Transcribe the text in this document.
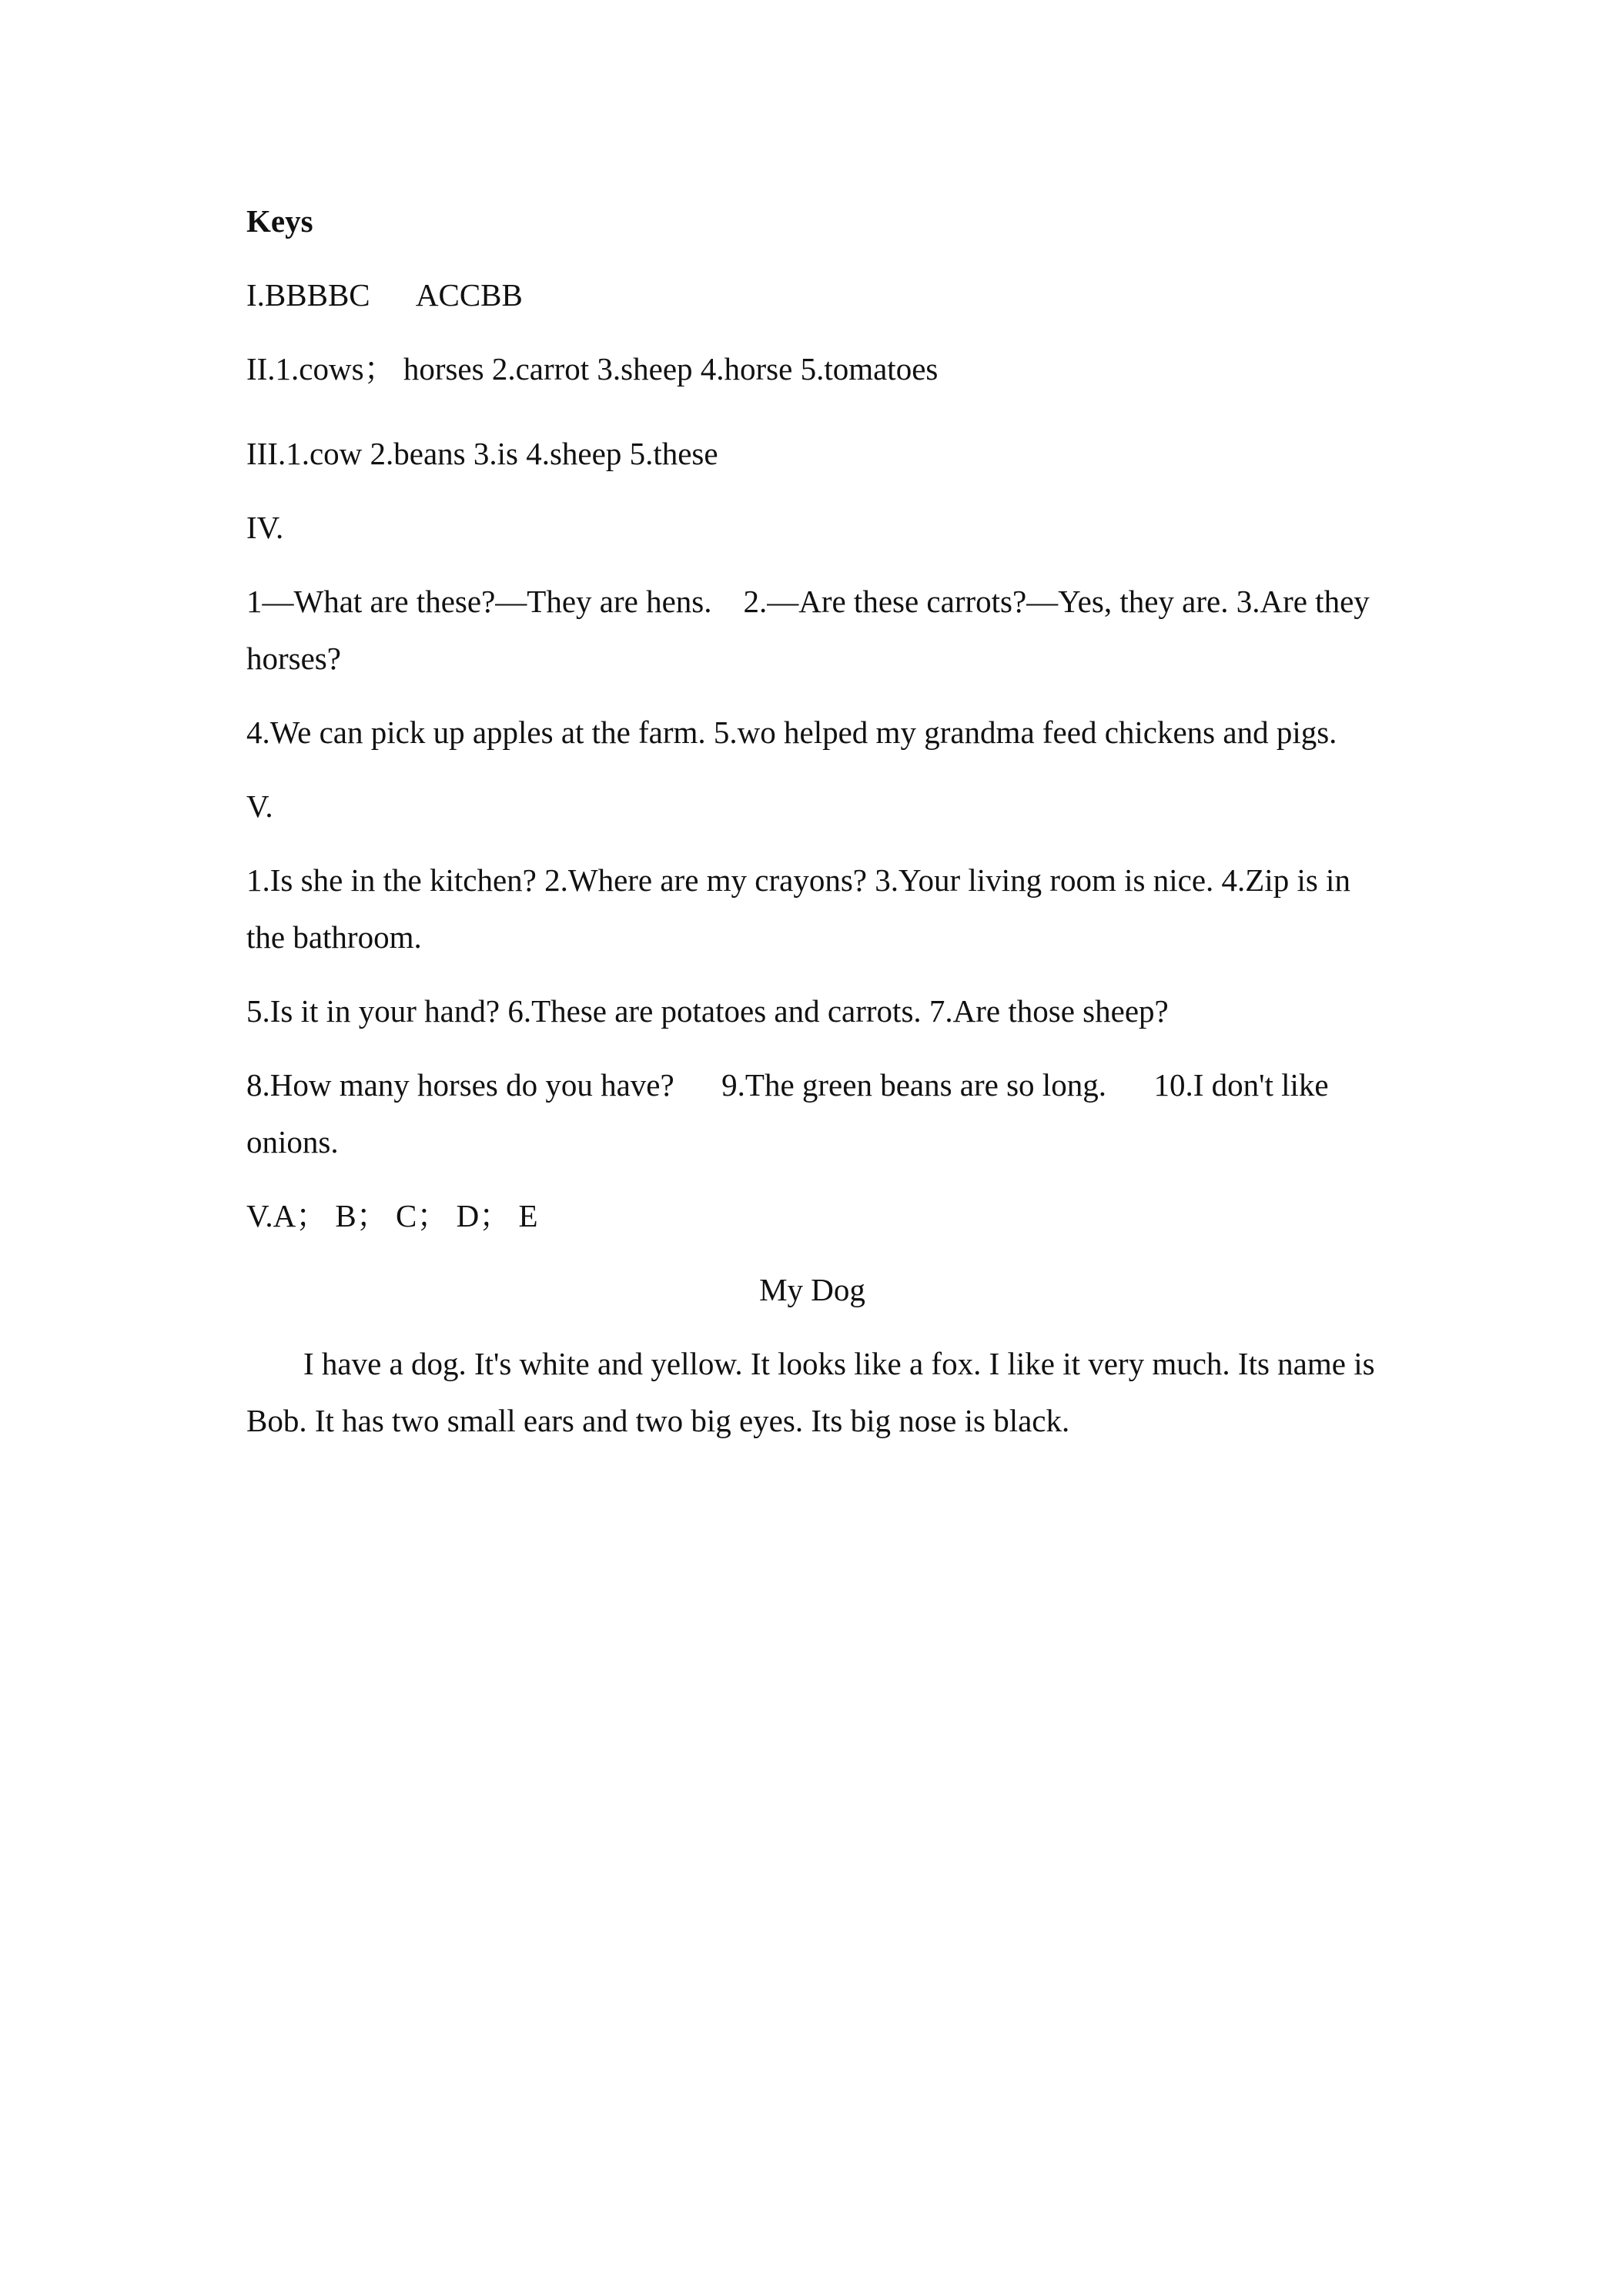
Keys

I.BBBBC      ACCBB

II.1.cows； horses 2.carrot 3.sheep 4.horse 5.tomatoes

III.1.cow 2.beans 3.is 4.sheep 5.these

IV.

1—What are these?—They are hens.    2.—Are these carrots?—Yes, they are. 3.Are they horses?

4.We can pick up apples at the farm. 5.wo helped my grandma feed chickens and pigs.

V.

1.Is she in the kitchen? 2.Where are my crayons? 3.Your living room is nice. 4.Zip is in the bathroom.

5.Is it in your hand? 6.These are potatoes and carrots. 7.Are those sheep?

8.How many horses do you have?      9.The green beans are so long.      10.I don't like onions.

V.A； B； C； D； E

My Dog

I have a dog. It's white and yellow. It looks like a fox. I like it very much. Its name is Bob. It has two small ears and two big eyes. Its big nose is black.
